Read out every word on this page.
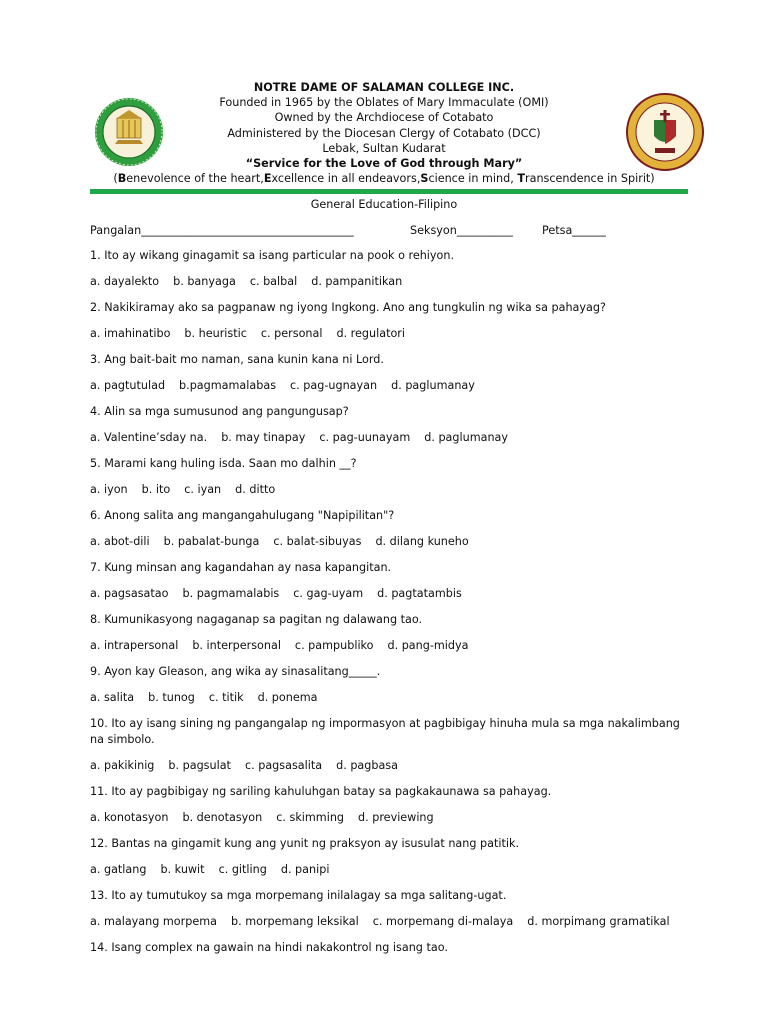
NOTRE DAME OF SALAMAN COLLEGE INC.
Founded in 1965 by the Oblates of Mary Immaculate (OMI)
Owned by the Archdiocese of Cotabato
Administered by the Diocesan Clergy of Cotabato (DCC)
Lebak, Sultan Kudarat
“Service for the Love of God through Mary”
(Benevolence of the heart,Excellence in all endeavors,Science in mind, Transcendence in Spirit)
General Education-Filipino
Pangalan______________________________________	Seksyon__________	Petsa______
1. Ito ay wikang ginagamit sa isang particular na pook o rehiyon.
a. dayalekto b. banyaga c. balbal d. pampanitikan
2. Nakikiramay ako sa pagpanaw ng iyong Ingkong. Ano ang tungkulin ng wika sa pahayag?
a. imahinatibo b. heuristic c. personal d. regulatori
3. Ang bait-bait mo naman, sana kunin kana ni Lord.
a. pagtutulad b.pagmamalabas c. pag-ugnayan d. paglumanay
4. Alin sa mga sumusunod ang pangungusap?
a. Valentine’sday na. b. may tinapay c. pag-uunayam d. paglumanay
5. Marami kang huling isda. Saan mo dalhin __?
a. iyon b. ito c. iyan d. ditto
6. Anong salita ang mangangahulugang "Napipilitan"?
a. abot-dili b. pabalat-bunga c. balat-sibuyas d. dilang kuneho
7. Kung minsan ang kagandahan ay nasa kapangitan.
a. pagsasatao b. pagmamalabis c. gag-uyam d. pagtatambis
8. Kumunikasyong nagaganap sa pagitan ng dalawang tao.
a. intrapersonal b. interpersonal c. pampubliko d. pang-midya
9. Ayon kay Gleason, ang wika ay sinasalitang_____.
a. salita b. tunog c. titik d. ponema
10. Ito ay isang sining ng pangangalap ng impormasyon at pagbibigay hinuha mula sa mga nakalimbang na simbolo.
a. pakikinig b. pagsulat c. pagsasalita d. pagbasa
11. Ito ay pagbibigay ng sariling kahuluhgan batay sa pagkakaunawa sa pahayag.
a. konotasyon b. denotasyon c. skimming d. previewing
12. Bantas na gingamit kung ang yunit ng praksyon ay isusulat nang patitik.
a. gatlang b. kuwit c. gitling d. panipi
13. Ito ay tumutukoy sa mga morpemang inilalagay sa mga salitang-ugat.
a. malayang morpema b. morpemang leksikal c. morpemang di-malaya d. morpimang gramatikal
14. Isang complex na gawain na hindi nakakontrol ng isang tao.
